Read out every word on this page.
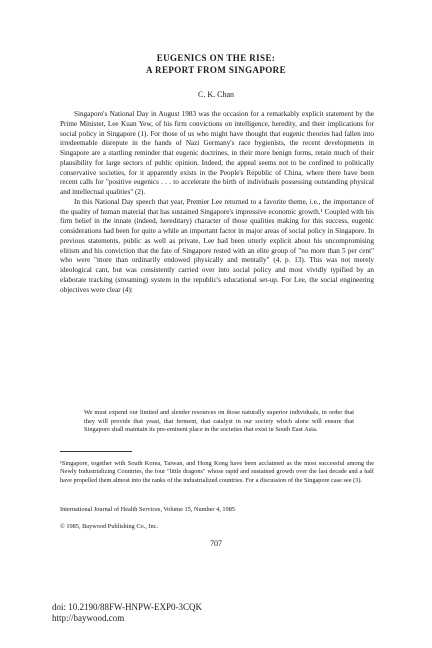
EUGENICS ON THE RISE:
A REPORT FROM SINGAPORE
C. K. Chan

Singapore's National Day in August 1983 was the occasion for a remarkably explicit statement by the Prime Minister, Lee Kuan Yew, of his firm convictions on intelligence, heredity, and their implications for social policy in Singapore (1). For those of us who might have thought that eugenic theories had fallen into irredeemable disrepute in the hands of Nazi Germany's race hygienists, the recent developments in Singapore are a startling reminder that eugenic doctrines, in their more benign forms, retain much of their plausibility for large sectors of public opinion. Indeed, the appeal seems not to be confined to politically conservative societies, for it apparently exists in the People's Republic of China, where there have been recent calls for "positive eugenics . . . to accelerate the birth of individuals possessing outstanding physical and intellectual qualities" (2).

In this National Day speech that year, Premier Lee returned to a favorite theme, i.e., the importance of the quality of human material that has sustained Singapore's impressive economic growth.¹ Coupled with his firm belief in the innate (indeed, hereditary) character of those qualities making for this success, eugenic considerations had been for quite a while an important factor in major areas of social policy in Singapore. In previous statements, public as well as private, Lee had been utterly explicit about his uncompromising elitism and his conviction that the fate of Singapore rested with an elite group of "no more than 5 per cent" who were "more than ordinarily endowed physically and mentally" (4, p. 13). This was not merely ideological cant, but was consistently carried over into social policy and most vividly typified by an elaborate tracking (streaming) system in the republic's educational set-up. For Lee, the social engineering objectives were clear (4):

We must expend our limited and slender resources on those naturally superior individuals, in order that they will provide that yeast, that ferment, that catalyst in our society which alone will ensure that Singapore shall maintain its pre-eminent place in the societies that exist in South East Asia.
¹Singapore, together with South Korea, Taiwan, and Hong Kong have been acclaimed as the most successful among the Newly Industrializing Countries, the four "little dragons" whose rapid and sustained growth over the last decade and a half have propelled them almost into the ranks of the industrialized countries. For a discussion of the Singapore case see (3).
International Journal of Health Services, Volume 15, Number 4, 1985
© 1985, Baywood Publishing Co., Inc.
707
doi: 10.2190/88FW-HNPW-EXP0-3CQK
http://baywood.com
